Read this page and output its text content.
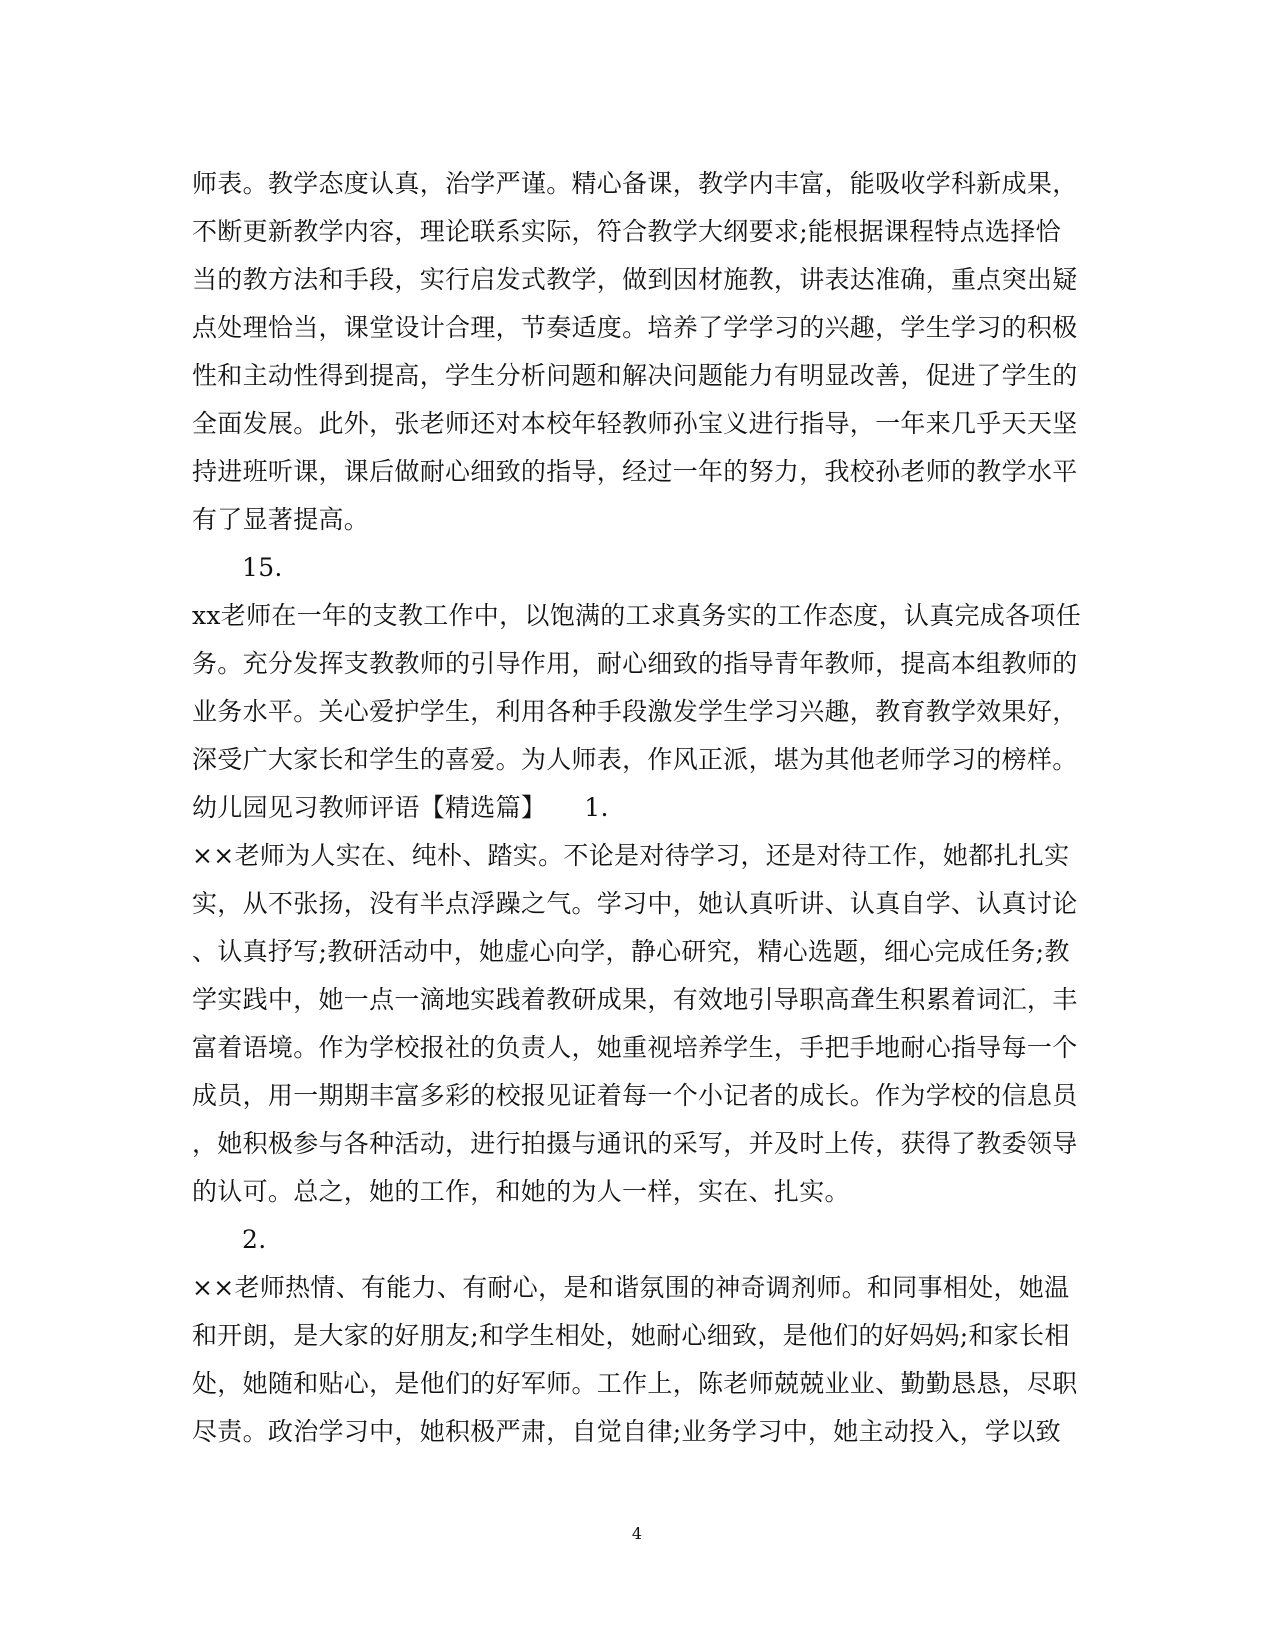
师表。教学态度认真，治学严谨。精心备课，教学内丰富，能吸收学科新成果，
不断更新教学内容，理论联系实际，符合教学大纲要求;能根据课程特点选择恰
当的教方法和手段，实行启发式教学，做到因材施教，讲表达准确，重点突出疑
点处理恰当，课堂设计合理，节奏适度。培养了学学习的兴趣，学生学习的积极
性和主动性得到提高，学生分析问题和解决问题能力有明显改善，促进了学生的
全面发展。此外，张老师还对本校年轻教师孙宝义进行指导，一年来几乎天天坚
持进班听课，课后做耐心细致的指导，经过一年的努力，我校孙老师的教学水平
有了显著提高。
15.
xx老师在一年的支教工作中，以饱满的工求真务实的工作态度，认真完成各项任
务。充分发挥支教教师的引导作用，耐心细致的指导青年教师，提高本组教师的
业务水平。关心爱护学生，利用各种手段激发学生学习兴趣，教育教学效果好，
深受广大家长和学生的喜爱。为人师表，作风正派，堪为其他老师学习的榜样。
幼儿园见习教师评语【精选篇】　　1.
××老师为人实在、纯朴、踏实。不论是对待学习，还是对待工作，她都扎扎实
实，从不张扬，没有半点浮躁之气。学习中，她认真听讲、认真自学、认真讨论
、认真抒写;教研活动中，她虚心向学，静心研究，精心选题，细心完成任务;教
学实践中，她一点一滴地实践着教研成果，有效地引导职高聋生积累着词汇，丰
富着语境。作为学校报社的负责人，她重视培养学生，手把手地耐心指导每一个
成员，用一期期丰富多彩的校报见证着每一个小记者的成长。作为学校的信息员
，她积极参与各种活动，进行拍摄与通讯的采写，并及时上传，获得了教委领导
的认可。总之，她的工作，和她的为人一样，实在、扎实。
2.
××老师热情、有能力、有耐心，是和谐氛围的神奇调剂师。和同事相处，她温
和开朗，是大家的好朋友;和学生相处，她耐心细致，是他们的好妈妈;和家长相
处，她随和贴心，是他们的好军师。工作上，陈老师兢兢业业、勤勤恳恳，尽职
尽责。政治学习中，她积极严肃，自觉自律;业务学习中，她主动投入，学以致
4
